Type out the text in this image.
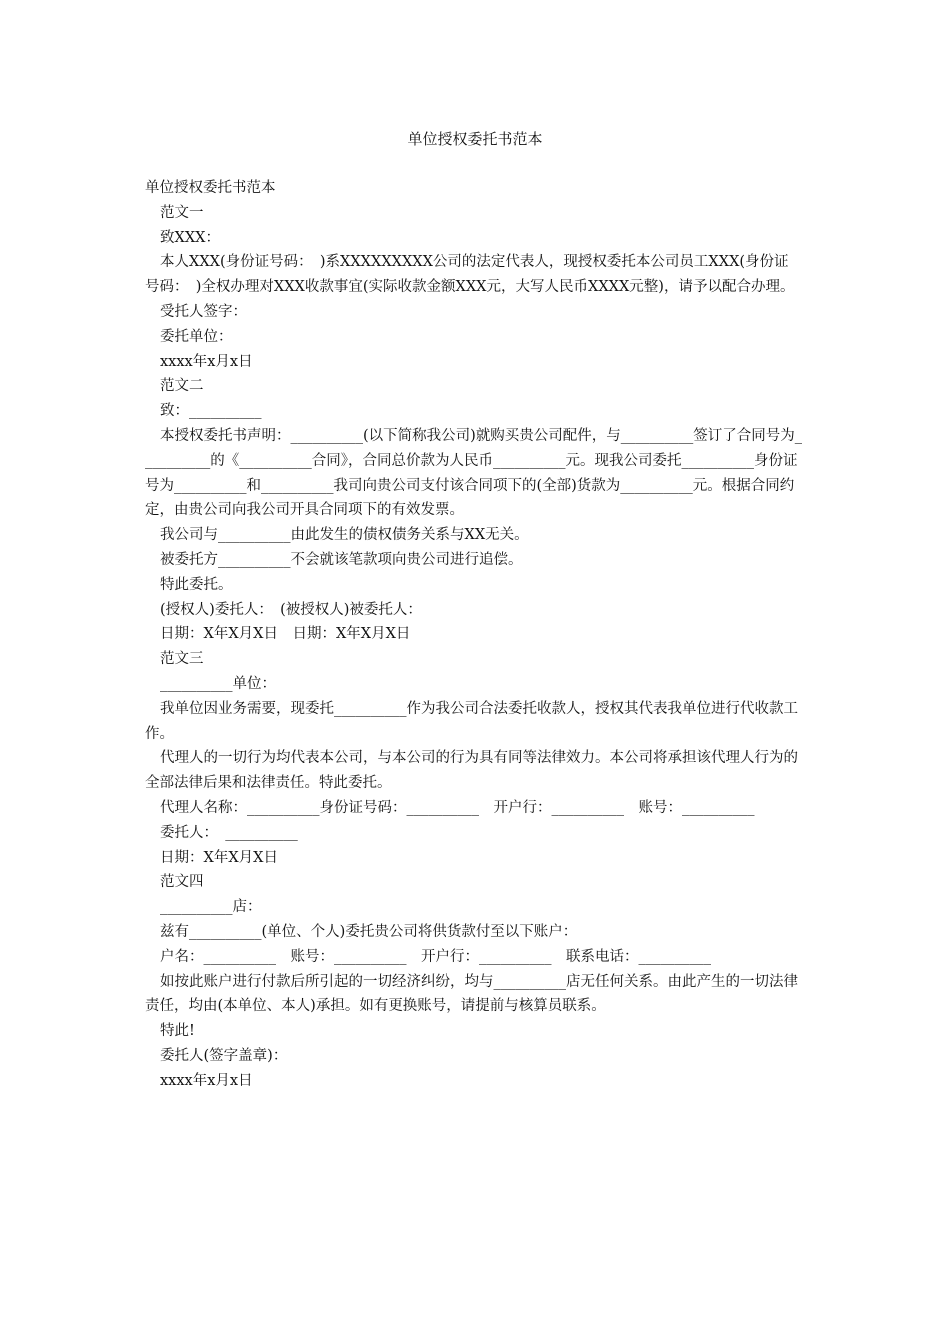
单位授权委托书范本

单位授权委托书范本

范文一

致XXX：

本人XXX(身份证号码：　)系XXXXXXXXX公司的法定代表人，现授权委托本公司员工XXX(身份证号码：　)全权办理对XXX收款事宜(实际收款金额XXX元，大写人民币XXXX元整)，请予以配合办理。

受托人签字：

委托单位：

xxxx年x月x日

范文二

致：__________

本授权委托书声明：__________(以下简称我公司)就购买贵公司配件，与__________签订了合同号为__________的《__________合同》，合同总价款为人民币__________元。现我公司委托__________身份证号为__________和__________我司向贵公司支付该合同项下的(全部)货款为__________元。根据合同约定，由贵公司向我公司开具合同项下的有效发票。

我公司与__________由此发生的债权债务关系与XX无关。

被委托方__________不会就该笔款项向贵公司进行追偿。

特此委托。

(授权人)委托人：　(被授权人)被委托人：

日期：X年X月X日　日期：X年X月X日

范文三

__________单位：

我单位因业务需要，现委托__________作为我公司合法委托收款人，授权其代表我单位进行代收款工作。

代理人的一切行为均代表本公司，与本公司的行为具有同等法律效力。本公司将承担该代理人行为的全部法律后果和法律责任。特此委托。

代理人名称：__________身份证号码：__________　开户行：__________　账号：__________

委托人：　__________

日期：X年X月X日

范文四

__________店：

兹有__________(单位、个人)委托贵公司将供货款付至以下账户：

户名：__________　账号：__________　开户行：__________　联系电话：__________

如按此账户进行付款后所引起的一切经济纠纷，均与__________店无任何关系。由此产生的一切法律责任，均由(本单位、本人)承担。如有更换账号，请提前与核算员联系。

特此!

委托人(签字盖章)：

xxxx年x月x日
